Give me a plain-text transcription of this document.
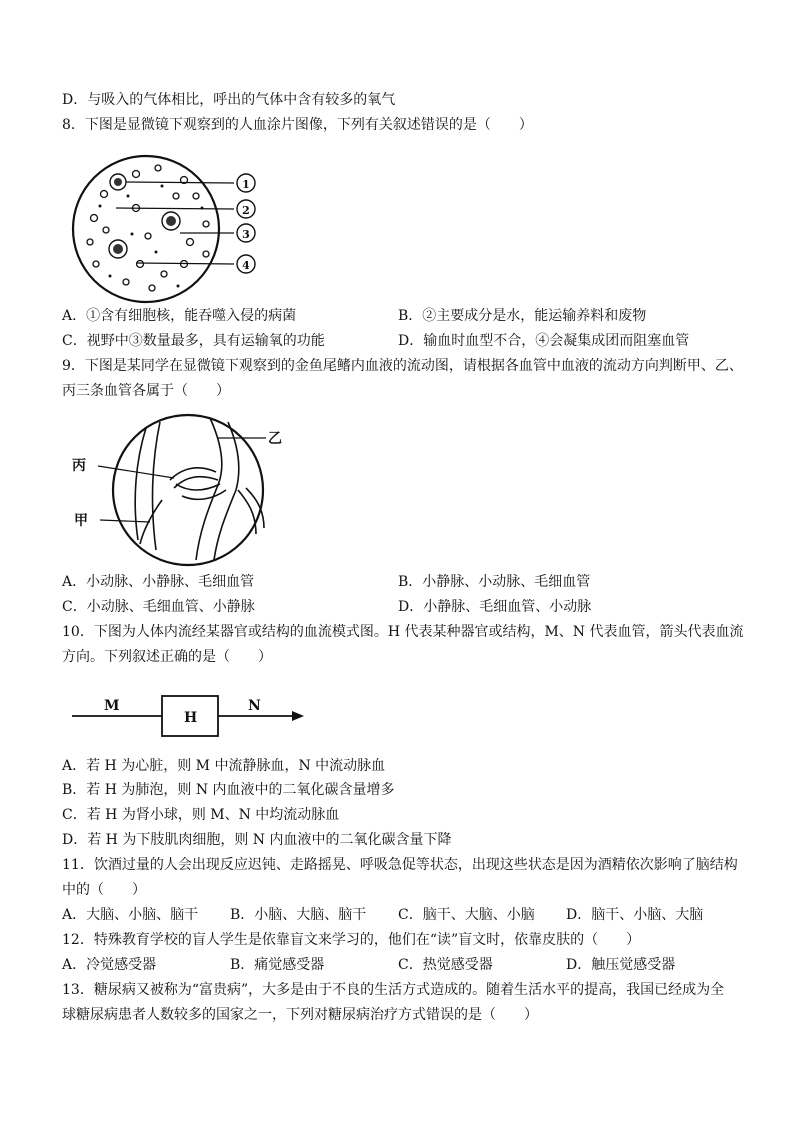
D．与吸入的气体相比，呼出的气体中含有较多的氧气
8．下图是显微镜下观察到的人血涂片图像，下列有关叙述错误的是（　　）
1
2
3
4
A．①含有细胞核，能吞噬入侵的病菌	B．②主要成分是水，能运输养料和废物
C．视野中③数量最多，具有运输氧的功能	D．输血时血型不合，④会凝集成团而阻塞血管
9．下图是某同学在显微镜下观察到的金鱼尾鳍内血液的流动图，请根据各血管中血液的流动方向判断甲、乙、
丙三条血管各属于（　　）
丙
甲
乙
A．小动脉、小静脉、毛细血管	B．小静脉、小动脉、毛细血管
C．小动脉、毛细血管、小静脉	D．小静脉、毛细血管、小动脉
10．下图为人体内流经某器官或结构的血流模式图。H 代表某种器官或结构，M、N 代表血管，箭头代表血流
方向。下列叙述正确的是（　　）
M
H
N
A．若 H 为心脏，则 M 中流静脉血，N 中流动脉血
B．若 H 为肺泡，则 N 内血液中的二氧化碳含量增多
C．若 H 为肾小球，则 M、N 中均流动脉血
D．若 H 为下肢肌肉细胞，则 N 内血液中的二氧化碳含量下降
11．饮酒过量的人会出现反应迟钝、走路摇晃、呼吸急促等状态，出现这些状态是因为酒精依次影响了脑结构
中的（　　）
A．大脑、小脑、脑干 B．小脑、大脑、脑干 C．脑干、大脑、小脑 D．脑干、小脑、大脑
12．特殊教育学校的盲人学生是依靠盲文来学习的，他们在“读”盲文时，依靠皮肤的（　　）
A．冷觉感受器	B．痛觉感受器	C．热觉感受器	D．触压觉感受器
13．糖尿病又被称为“富贵病”，大多是由于不良的生活方式造成的。随着生活水平的提高，我国已经成为全
球糖尿病患者人数较多的国家之一，下列对糖尿病治疗方式错误的是（　　）
